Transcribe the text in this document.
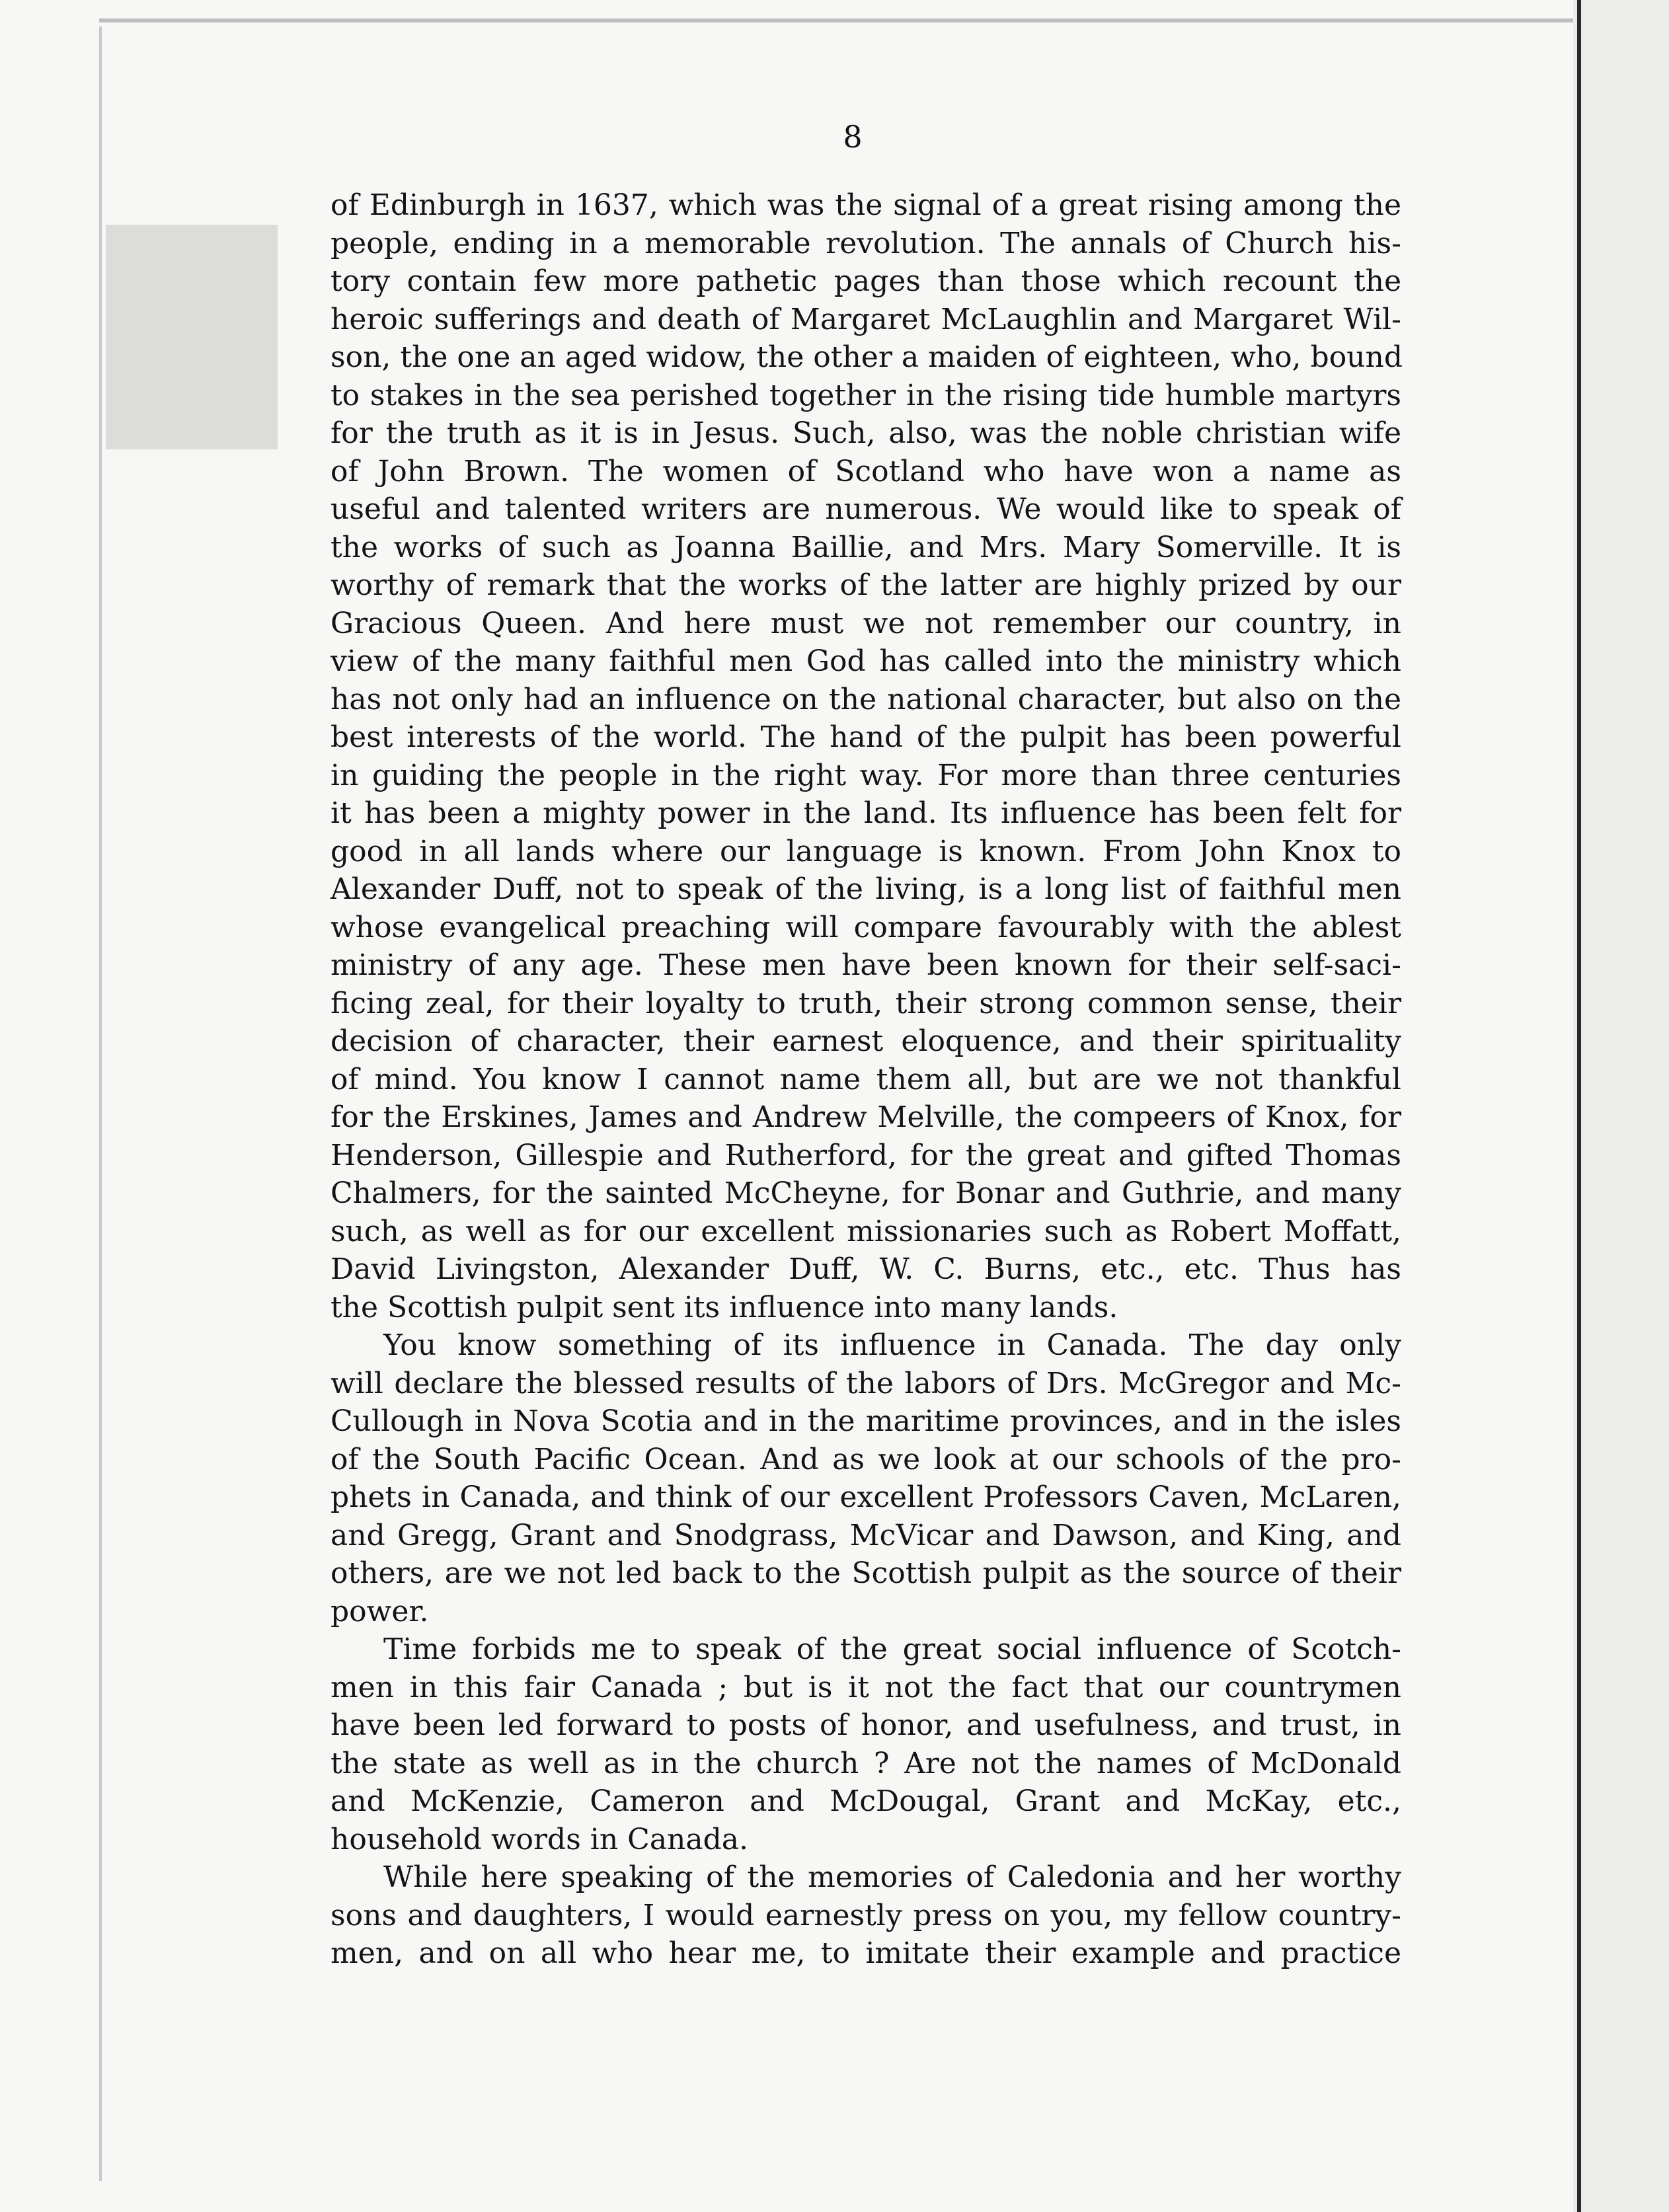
8
of Edinburgh in 1637, which was the signal of a great rising among the
people, ending in a memorable revolution. The annals of Church his-
tory contain few more pathetic pages than those which recount the
heroic sufferings and death of Margaret McLaughlin and Margaret Wil-
son, the one an aged widow, the other a maiden of eighteen, who, bound
to stakes in the sea perished together in the rising tide humble martyrs
for the truth as it is in Jesus. Such, also, was the noble christian wife
of John Brown. The women of Scotland who have won a name as
useful and talented writers are numerous. We would like to speak of
the works of such as Joanna Baillie, and Mrs. Mary Somerville. It is
worthy of remark that the works of the latter are highly prized by our
Gracious Queen. And here must we not remember our country, in
view of the many faithful men God has called into the ministry which
has not only had an influence on the national character, but also on the
best interests of the world. The hand of the pulpit has been powerful
in guiding the people in the right way. For more than three centuries
it has been a mighty power in the land. Its influence has been felt for
good in all lands where our language is known. From John Knox to
Alexander Duff, not to speak of the living, is a long list of faithful men
whose evangelical preaching will compare favourably with the ablest
ministry of any age. These men have been known for their self-saci-
ficing zeal, for their loyalty to truth, their strong common sense, their
decision of character, their earnest eloquence, and their spirituality
of mind. You know I cannot name them all, but are we not thankful
for the Erskines, James and Andrew Melville, the compeers of Knox, for
Henderson, Gillespie and Rutherford, for the great and gifted Thomas
Chalmers, for the sainted McCheyne, for Bonar and Guthrie, and many
such, as well as for our excellent missionaries such as Robert Moffatt,
David Livingston, Alexander Duff, W. C. Burns, etc., etc. Thus has
the Scottish pulpit sent its influence into many lands.
You know something of its influence in Canada. The day only
will declare the blessed results of the labors of Drs. McGregor and Mc-
Cullough in Nova Scotia and in the maritime provinces, and in the isles
of the South Pacific Ocean. And as we look at our schools of the pro-
phets in Canada, and think of our excellent Professors Caven, McLaren,
and Gregg, Grant and Snodgrass, McVicar and Dawson, and King, and
others, are we not led back to the Scottish pulpit as the source of their
power.
Time forbids me to speak of the great social influence of Scotch-
men in this fair Canada ; but is it not the fact that our countrymen
have been led forward to posts of honor, and usefulness, and trust, in
the state as well as in the church ? Are not the names of McDonald
and McKenzie, Cameron and McDougal, Grant and McKay, etc.,
household words in Canada.
While here speaking of the memories of Caledonia and her worthy
sons and daughters, I would earnestly press on you, my fellow country-
men, and on all who hear me, to imitate their example and practice
